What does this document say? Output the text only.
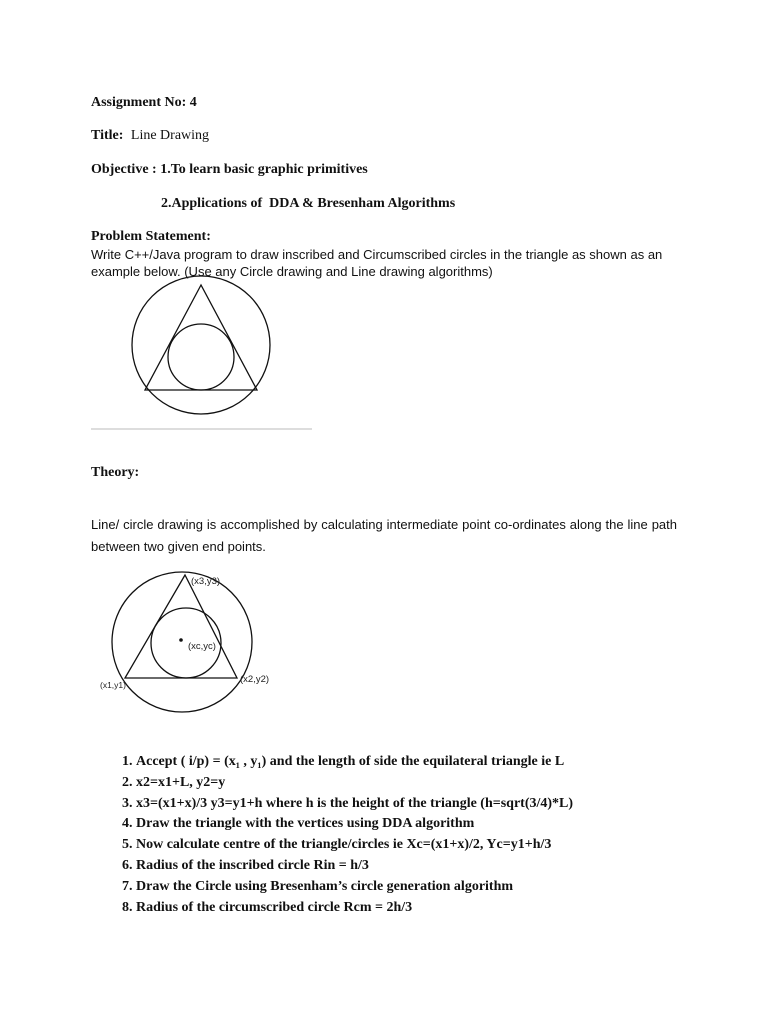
Assignment No: 4
Title: Line Drawing
Objective : 1.To learn basic graphic primitives
2.Applications of  DDA & Bresenham Algorithms
Problem Statement:
Write C++/Java program to draw inscribed and Circumscribed circles in the triangle as shown as an
example below. (Use any Circle drawing and Line drawing algorithms)
Theory:
Line/ circle drawing is accomplished by calculating intermediate point co-ordinates along the line path between two given end points.
(x3,y3)
(xc,yc)
(x2,y2)
(x1,y1)
1. Accept ( i/p) = (x₁ , y₁) and the length of side the equilateral triangle ie L
2. x2=x1+L, y2=y
3. x3=(x1+x)/3 y3=y1+h where h is the height of the triangle (h=sqrt(3/4)*L)
4. Draw the triangle with the vertices using DDA algorithm
5. Now calculate centre of the triangle/circles ie Xc=(x1+x)/2, Yc=y1+h/3
6. Radius of the inscribed circle Rin = h/3
7. Draw the Circle using Bresenham’s circle generation algorithm
8. Radius of the circumscribed circle Rcm = 2h/3
